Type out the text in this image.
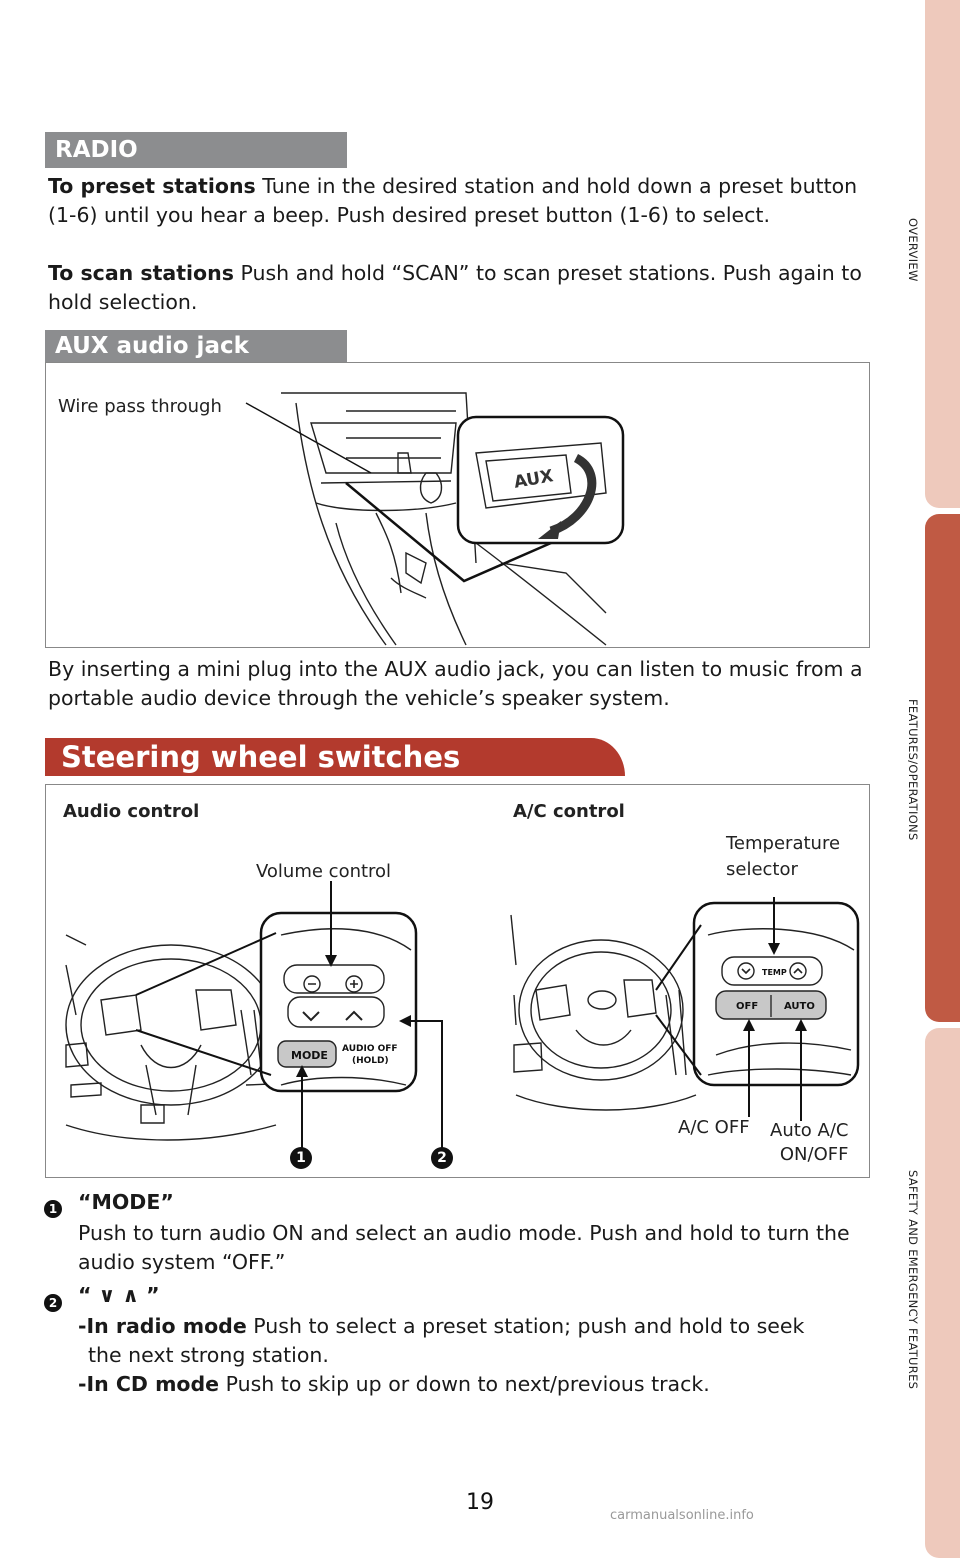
OVERVIEW
FEATURES/OPERATIONS
SAFETY AND EMERGENCY FEATURES
RADIO

To preset stations Tune in the desired station and hold down a preset button (1-6) until you hear a beep. Push desired preset button (1-6) to select.

To scan stations Push and hold “SCAN” to scan preset stations. Push again to hold selection.

AUX audio jack
AUX
Wire pass through

By inserting a mini plug into the AUX audio jack, you can listen to music from a portable audio device through the vehicle’s speaker system.

Steering wheel switches
MODE AUDIO OFF
(HOLD)
TEMP
OFF	AUTO
Audio control	A/C control
Volume control
Temperature
selector
A/C OFF Auto A/C
ON/OFF
1	2
1 “MODE”

Push to turn audio ON and select an audio mode. Push and hold to turn the audio system “OFF.”

2 “ ∨ ∧ ”

-In radio mode Push to select a preset station; push and hold to seek

the next strong station.

-In CD mode Push to skip up or down to next/previous track.

19
carmanualsonline.info
